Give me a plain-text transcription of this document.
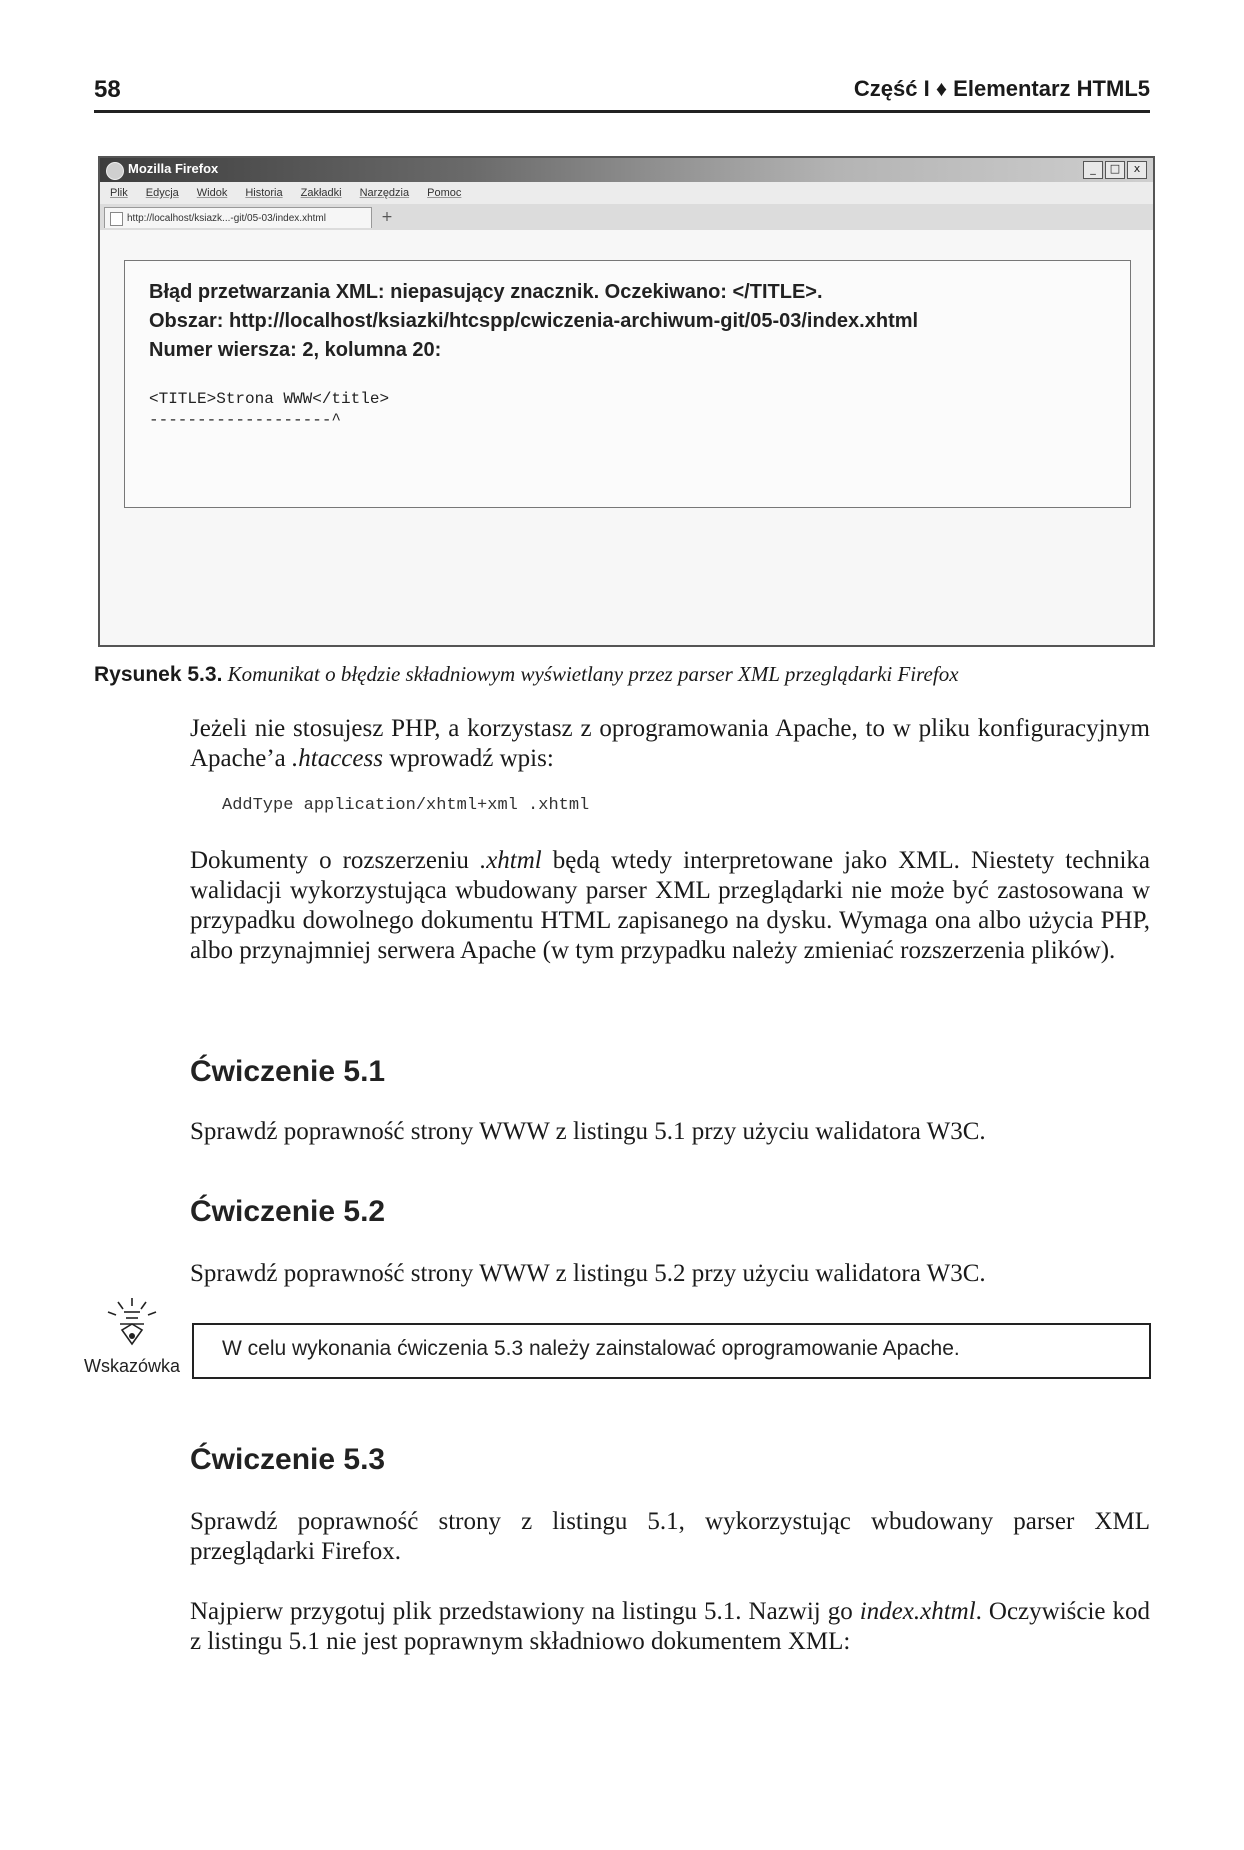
58	Część I ♦ Elementarz HTML5
Mozilla Firefox	_	□	x
Plik Edycja Widok Historia Zakładki Narzędzia Pomoc
http://localhost/ksiazk...-git/05-03/index.xhtml	+
Błąd przetwarzania XML: niepasujący znacznik. Oczekiwano: </TITLE>.
Obszar: http://localhost/ksiazki/htcspp/cwiczenia-archiwum-git/05-03/index.xhtml
Numer wiersza: 2, kolumna 20:
<TITLE>Strona WWW</title>
-------------------^
Rysunek 5.3. Komunikat o błędzie składniowym wyświetlany przez parser XML przeglądarki Firefox
Jeżeli nie stosujesz PHP, a korzystasz z oprogramowania Apache, to w pliku konfiguracyjnym Apache’a .htaccess wprowadź wpis:
AddType application/xhtml+xml .xhtml
Dokumenty o rozszerzeniu .xhtml będą wtedy interpretowane jako XML. Niestety technika walidacji wykorzystująca wbudowany parser XML przeglądarki nie może być zastosowana w przypadku dowolnego dokumentu HTML zapisanego na dysku. Wymaga ona albo użycia PHP, albo przynajmniej serwera Apache (w tym przypadku należy zmieniać rozszerzenia plików).
Ćwiczenie 5.1
Sprawdź poprawność strony WWW z listingu 5.1 przy użyciu walidatora W3C.
Ćwiczenie 5.2
Sprawdź poprawność strony WWW z listingu 5.2 przy użyciu walidatora W3C.
Wskazówka
W celu wykonania ćwiczenia 5.3 należy zainstalować oprogramowanie Apache.
Ćwiczenie 5.3
Sprawdź poprawność strony z listingu 5.1, wykorzystując wbudowany parser XML przeglądarki Firefox.
Najpierw przygotuj plik przedstawiony na listingu 5.1. Nazwij go index.xhtml. Oczywiście kod z listingu 5.1 nie jest poprawnym składniowo dokumentem XML:
